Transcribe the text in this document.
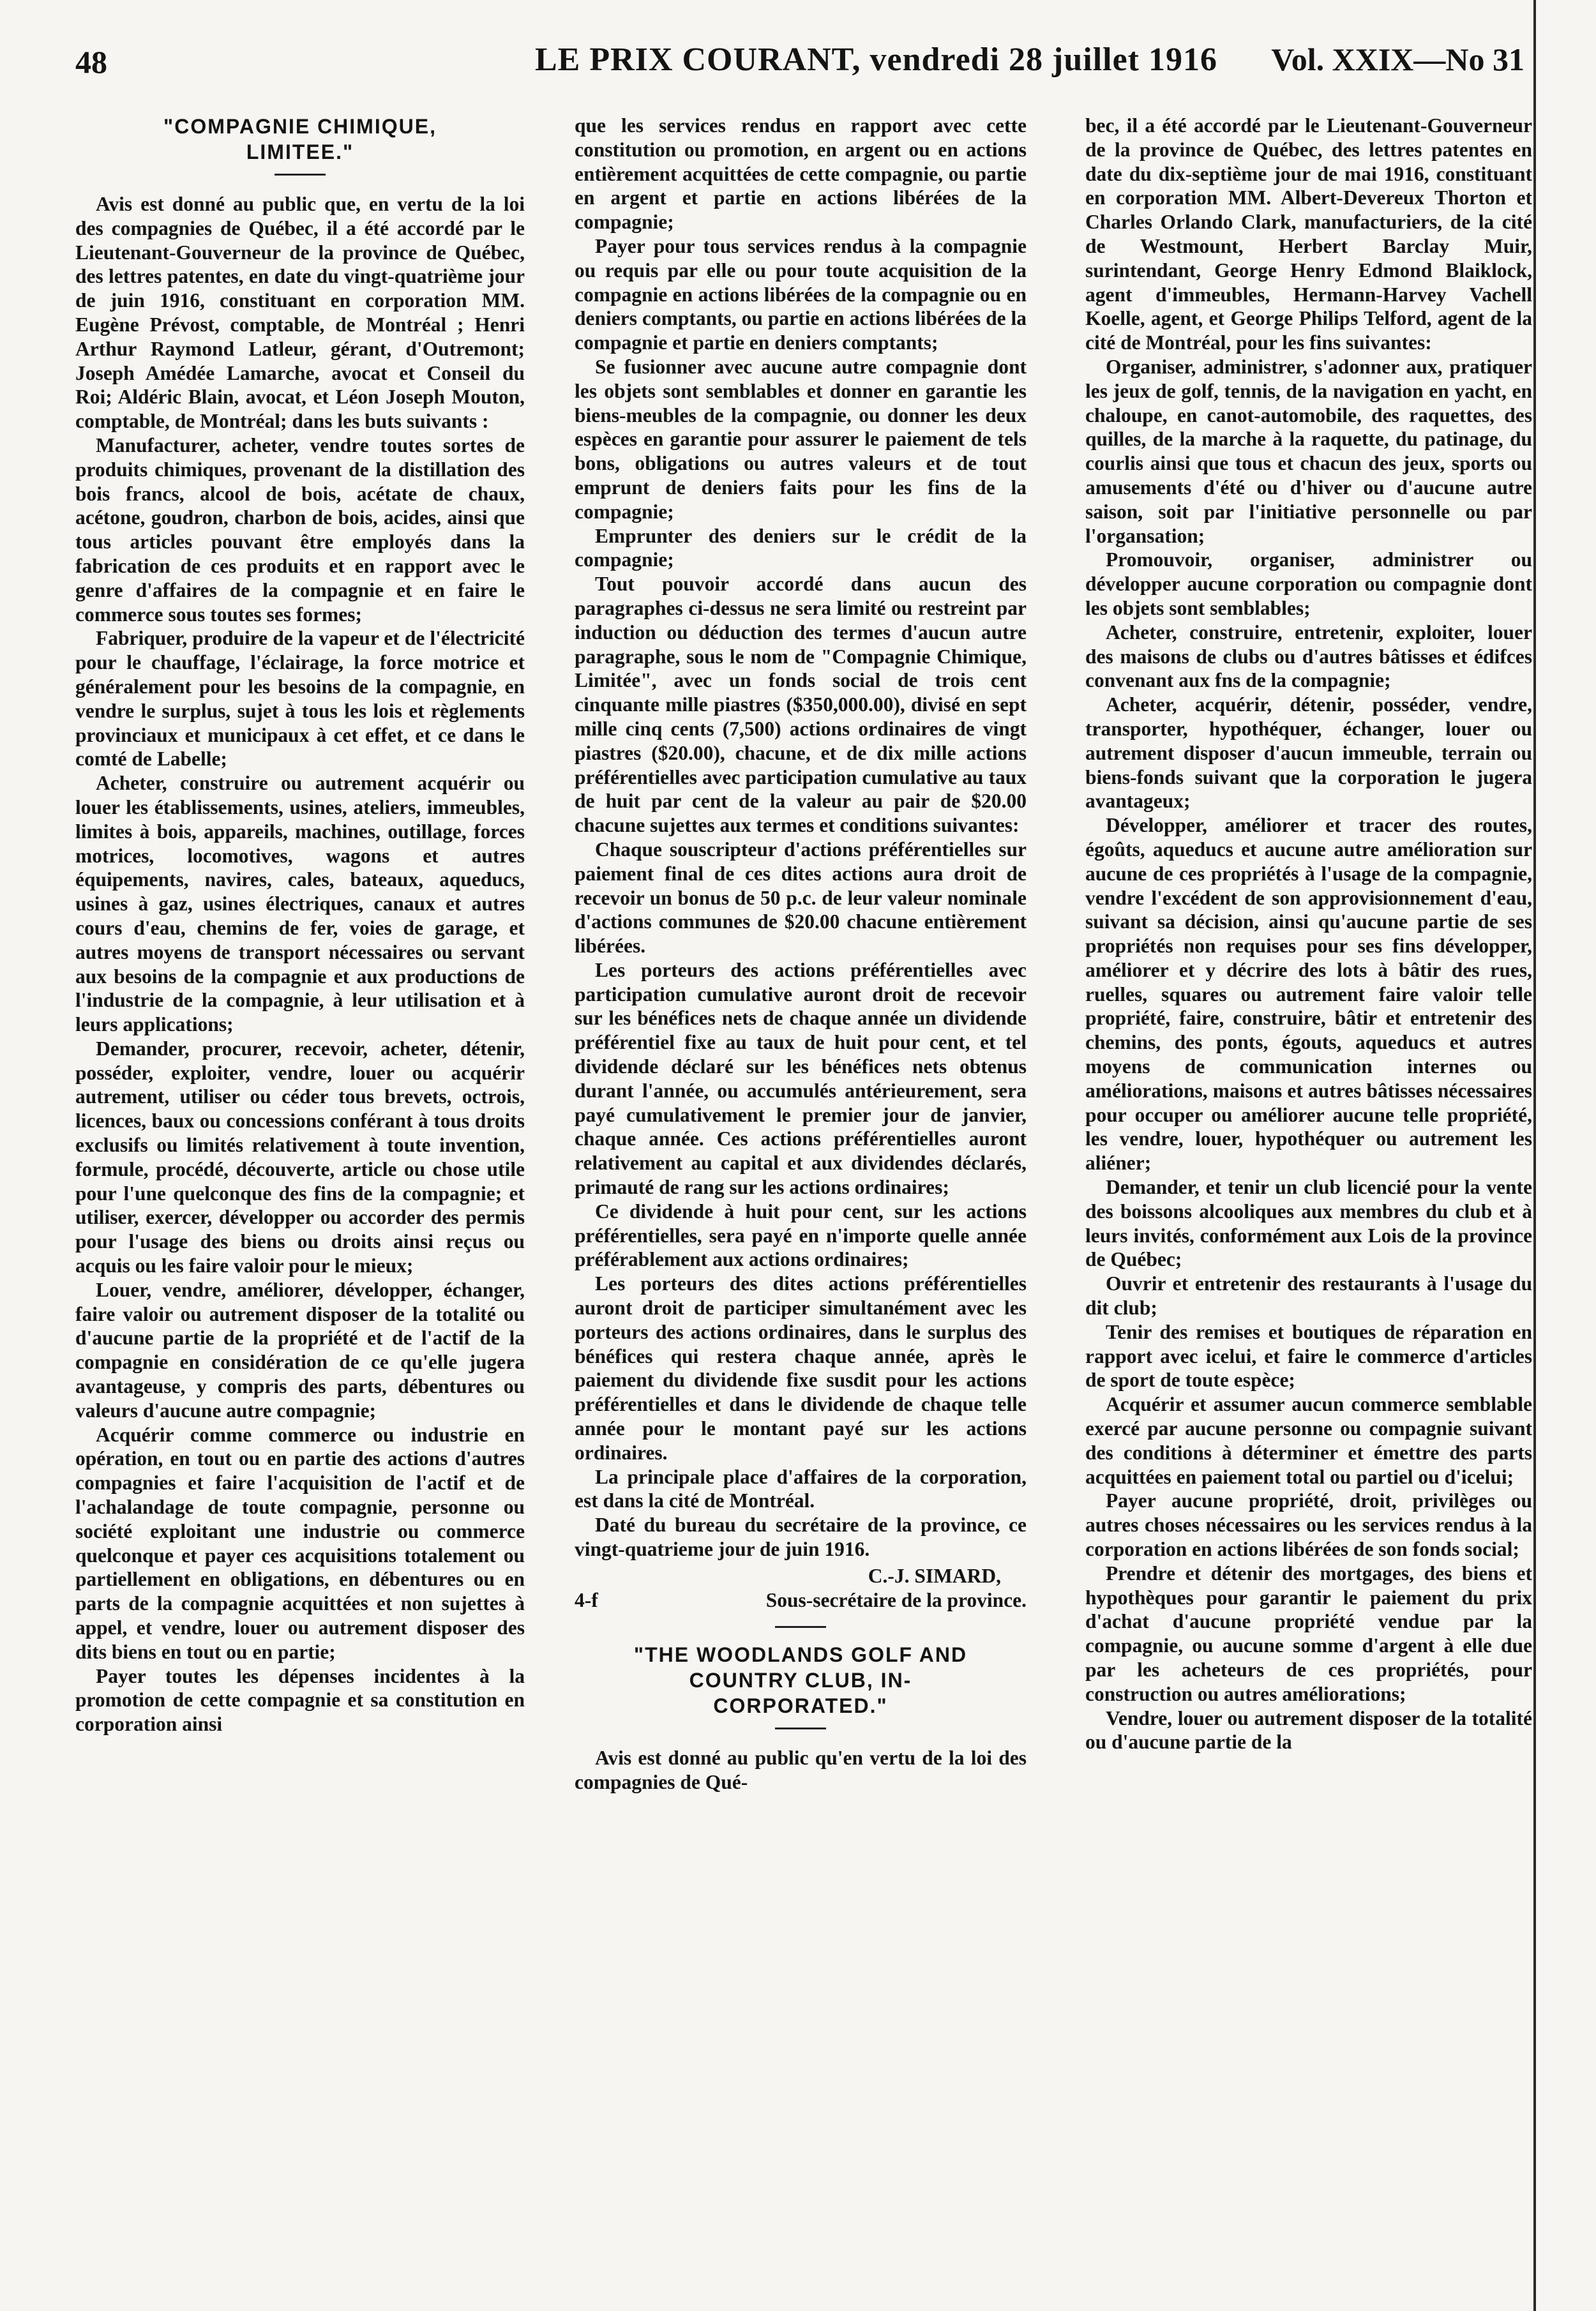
48	LE PRIX COURANT, vendredi 28 juillet 1916 Vol. XXIX—No 31
"COMPAGNIE CHIMIQUE,
LIMITEE."

Avis est donné au public que, en vertu de la loi des compagnies de Québec, il a été accordé par le Lieutenant-Gouverneur de la province de Québec, des lettres patentes, en date du vingt-quatrième jour de juin 1916, constituant en corporation MM. Eugène Prévost, comptable, de Montréal ; Henri Arthur Raymond Latleur, gérant, d'Outremont; Joseph Amédée Lamarche, avocat et Conseil du Roi; Aldéric Blain, avocat, et Léon Joseph Mouton, comptable, de Montréal; dans les buts suivants :

Manufacturer, acheter, vendre toutes sortes de produits chimiques, provenant de la distillation des bois francs, alcool de bois, acétate de chaux, acétone, goudron, charbon de bois, acides, ainsi que tous articles pouvant être employés dans la fabrication de ces produits et en rapport avec le genre d'affaires de la compagnie et en faire le commerce sous toutes ses formes;

Fabriquer, produire de la vapeur et de l'électricité pour le chauffage, l'éclairage, la force motrice et généralement pour les besoins de la compagnie, en vendre le surplus, sujet à tous les lois et règlements provinciaux et municipaux à cet effet, et ce dans le comté de Labelle;

Acheter, construire ou autrement acquérir ou louer les établissements, usines, ateliers, immeubles, limites à bois, appareils, machines, outillage, forces motrices, locomotives, wagons et autres équipements, navires, cales, bateaux, aqueducs, usines à gaz, usines électriques, canaux et autres cours d'eau, chemins de fer, voies de garage, et autres moyens de transport nécessaires ou servant aux besoins de la compagnie et aux productions de l'industrie de la compagnie, à leur utilisation et à leurs applications;

Demander, procurer, recevoir, acheter, détenir, posséder, exploiter, vendre, louer ou acquérir autrement, utiliser ou céder tous brevets, octrois, licences, baux ou concessions conférant à tous droits exclusifs ou limités relativement à toute invention, formule, procédé, découverte, article ou chose utile pour l'une quelconque des fins de la compagnie; et utiliser, exercer, développer ou accorder des permis pour l'usage des biens ou droits ainsi reçus ou acquis ou les faire valoir pour le mieux;

Louer, vendre, améliorer, développer, échanger, faire valoir ou autrement disposer de la totalité ou d'aucune partie de la propriété et de l'actif de la compagnie en considération de ce qu'elle jugera avantageuse, y compris des parts, débentures ou valeurs d'aucune autre compagnie;

Acquérir comme commerce ou industrie en opération, en tout ou en partie des actions d'autres compagnies et faire l'acquisition de l'actif et de l'achalandage de toute compagnie, personne ou société exploitant une industrie ou commerce quelconque et payer ces acquisitions totalement ou partiellement en obligations, en débentures ou en parts de la compagnie acquittées et non sujettes à appel, et vendre, louer ou autrement disposer des dits biens en tout ou en partie;

Payer toutes les dépenses incidentes à la promotion de cette compagnie et sa constitution en corporation ainsi

que les services rendus en rapport avec cette constitution ou promotion, en argent ou en actions entièrement acquittées de cette compagnie, ou partie en argent et partie en actions libérées de la compagnie;

Payer pour tous services rendus à la compagnie ou requis par elle ou pour toute acquisition de la compagnie en actions libérées de la compagnie ou en deniers comptants, ou partie en actions libérées de la compagnie et partie en deniers comptants;

Se fusionner avec aucune autre compagnie dont les objets sont semblables et donner en garantie les biens-meubles de la compagnie, ou donner les deux espèces en garantie pour assurer le paiement de tels bons, obligations ou autres valeurs et de tout emprunt de deniers faits pour les fins de la compagnie;

Emprunter des deniers sur le crédit de la compagnie;

Tout pouvoir accordé dans aucun des paragraphes ci-dessus ne sera limité ou restreint par induction ou déduction des termes d'aucun autre paragraphe, sous le nom de "Compagnie Chimique, Limitée", avec un fonds social de trois cent cinquante mille piastres ($350,000.00), divisé en sept mille cinq cents (7,500) actions ordinaires de vingt piastres ($20.00), chacune, et de dix mille actions préférentielles avec participation cumulative au taux de huit par cent de la valeur au pair de $20.00 chacune sujettes aux termes et conditions suivantes:

Chaque souscripteur d'actions préférentielles sur paiement final de ces dites actions aura droit de recevoir un bonus de 50 p.c. de leur valeur nominale d'actions communes de $20.00 chacune entièrement libérées.

Les porteurs des actions préférentielles avec participation cumulative auront droit de recevoir sur les bénéfices nets de chaque année un dividende préférentiel fixe au taux de huit pour cent, et tel dividende déclaré sur les bénéfices nets obtenus durant l'année, ou accumulés antérieurement, sera payé cumulativement le premier jour de janvier, chaque année. Ces actions préférentielles auront relativement au capital et aux dividendes déclarés, primauté de rang sur les actions ordinaires;

Ce dividende à huit pour cent, sur les actions préférentielles, sera payé en n'importe quelle année préférablement aux actions ordinaires;

Les porteurs des dites actions préférentielles auront droit de participer simultanément avec les porteurs des actions ordinaires, dans le surplus des bénéfices qui restera chaque année, après le paiement du dividende fixe susdit pour les actions préférentielles et dans le dividende de chaque telle année pour le montant payé sur les actions ordinaires.

La principale place d'affaires de la corporation, est dans la cité de Montréal.

Daté du bureau du secrétaire de la province, ce vingt-quatrieme jour de juin 1916.

C.-J. SIMARD,
4-f	Sous-secrétaire de la province.
"THE WOODLANDS GOLF AND
COUNTRY CLUB, IN-
CORPORATED."

Avis est donné au public qu'en vertu de la loi des compagnies de Qué-

bec, il a été accordé par le Lieutenant-Gouverneur de la province de Québec, des lettres patentes en date du dix-septième jour de mai 1916, constituant en corporation MM. Albert-Devereux Thorton et Charles Orlando Clark, manufacturiers, de la cité de Westmount, Herbert Barclay Muir, surintendant, George Henry Edmond Blaiklock, agent d'immeubles, Hermann-Harvey Vachell Koelle, agent, et George Philips Telford, agent de la cité de Montréal, pour les fins suivantes:

Organiser, administrer, s'adonner aux, pratiquer les jeux de golf, tennis, de la navigation en yacht, en chaloupe, en canot-automobile, des raquettes, des quilles, de la marche à la raquette, du patinage, du courlis ainsi que tous et chacun des jeux, sports ou amusements d'été ou d'hiver ou d'aucune autre saison, soit par l'initiative personnelle ou par l'organsation;

Promouvoir, organiser, administrer ou développer aucune corporation ou compagnie dont les objets sont semblables;

Acheter, construire, entretenir, exploiter, louer des maisons de clubs ou d'autres bâtisses et édifces convenant aux fns de la compagnie;

Acheter, acquérir, détenir, posséder, vendre, transporter, hypothéquer, échanger, louer ou autrement disposer d'aucun immeuble, terrain ou biens-fonds suivant que la corporation le jugera avantageux;

Développer, améliorer et tracer des routes, égoûts, aqueducs et aucune autre amélioration sur aucune de ces propriétés à l'usage de la compagnie, vendre l'excédent de son approvisionnement d'eau, suivant sa décision, ainsi qu'aucune partie de ses propriétés non requises pour ses fins développer, améliorer et y décrire des lots à bâtir des rues, ruelles, squares ou autrement faire valoir telle propriété, faire, construire, bâtir et entretenir des chemins, des ponts, égouts, aqueducs et autres moyens de communication internes ou améliorations, maisons et autres bâtisses nécessaires pour occuper ou améliorer aucune telle propriété, les vendre, louer, hypothéquer ou autrement les aliéner;

Demander, et tenir un club licencié pour la vente des boissons alcooliques aux membres du club et à leurs invités, conformément aux Lois de la province de Québec;

Ouvrir et entretenir des restaurants à l'usage du dit club;

Tenir des remises et boutiques de réparation en rapport avec icelui, et faire le commerce d'articles de sport de toute espèce;

Acquérir et assumer aucun commerce semblable exercé par aucune personne ou compagnie suivant des conditions à déterminer et émettre des parts acquittées en paiement total ou partiel ou d'icelui;

Payer aucune propriété, droit, privilèges ou autres choses nécessaires ou les services rendus à la corporation en actions libérées de son fonds social;

Prendre et détenir des mortgages, des biens et hypothèques pour garantir le paiement du prix d'achat d'aucune propriété vendue par la compagnie, ou aucune somme d'argent à elle due par les acheteurs de ces propriétés, pour construction ou autres améliorations;

Vendre, louer ou autrement disposer de la totalité ou d'aucune partie de la
